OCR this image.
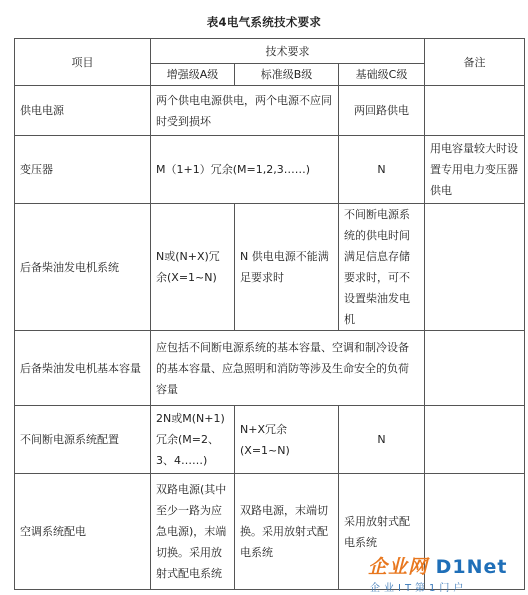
表4电气系统技术要求
项目	技术要求			备注
	增强级A级	标准级B级	基础级C级	
供电电源	两个供电电源供电，两个电源不应同时受到损坏		两回路供电	
变压器	M（1+1）冗余(M=1,2,3……)		N	用电容量较大时设置专用电力变压器供电
后备柴油发电机系统	N或(N+X)冗余(X=1~N)	N 供电电源不能满足要求时	不间断电源系统的供电时间满足信息存储要求时，可不设置柴油发电机	
后备柴油发电机基本容量	应包括不间断电源系统的基本容量、空调和制冷设备的基本容量、应急照明和消防等涉及生命安全的负荷容量			
不间断电源系统配置	2N或M(N+1)冗余(M=2、3、4……)	N+X冗余(X=1~N)	N	
空调系统配电	双路电源(其中至少一路为应急电源)，末端切换。采用放射式配电系统	双路电源，末端切换。采用放射式配电系统	采用放射式配电系统	
企业网 D1Net
企业IT第1门户
